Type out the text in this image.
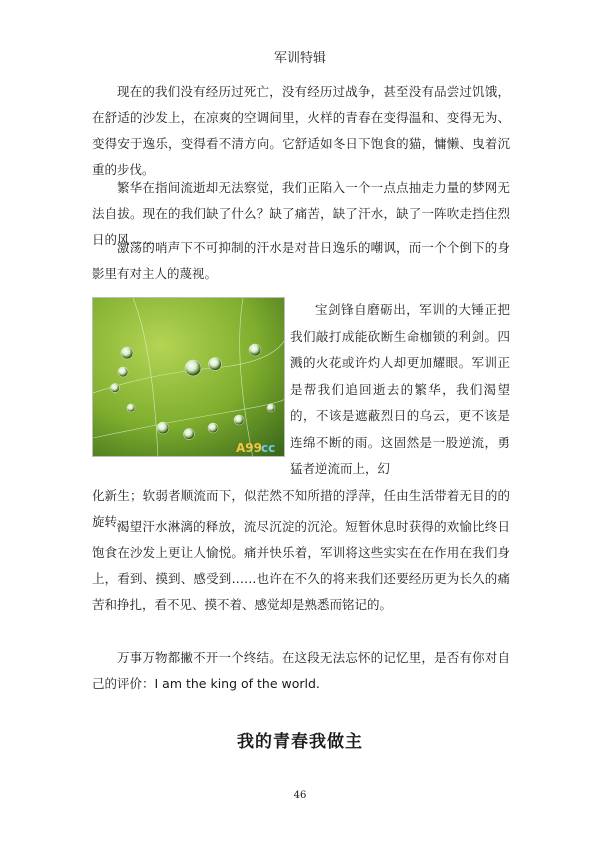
军训特辑

现在的我们没有经历过死亡，没有经历过战争，甚至没有品尝过饥饿，在舒适的沙发上，在凉爽的空调间里，火样的青春在变得温和、变得无为、变得安于逸乐，变得看不清方向。它舒适如冬日下饱食的猫，慵懒、曳着沉重的步伐。

繁华在指间流逝却无法察觉，我们正陷入一个一点点抽走力量的梦网无法自拔。现在的我们缺了什么？缺了痛苦，缺了汗水，缺了一阵吹走挡住烈日的风……

激荡的哨声下不可抑制的汗水是对昔日逸乐的嘲讽，而一个个倒下的身影里有对主人的蔑视。

A99 cc

宝剑锋自磨砺出，军训的大锤正把我们敲打成能砍断生命枷锁的利剑。四溅的火花或许灼人却更加耀眼。军训正是帮我们追回逝去的繁华，我们渴望的，不该是遮蔽烈日的乌云，更不该是连绵不断的雨。这固然是一股逆流，勇猛者逆流而上，幻

化新生；软弱者顺流而下，似茫然不知所措的浮萍，任由生活带着无目的的旋转。

渴望汗水淋漓的释放，流尽沉淀的沉沦。短暂休息时获得的欢愉比终日饱食在沙发上更让人愉悦。痛并快乐着，军训将这些实实在在作用在我们身上，看到、摸到、感受到……也许在不久的将来我们还要经历更为长久的痛苦和挣扎，看不见、摸不着、感觉却是熟悉而铭记的。

万事万物都撇不开一个终结。在这段无法忘怀的记忆里，是否有你对自己的评价：I am the king of the world.

我的青春我做主
46
